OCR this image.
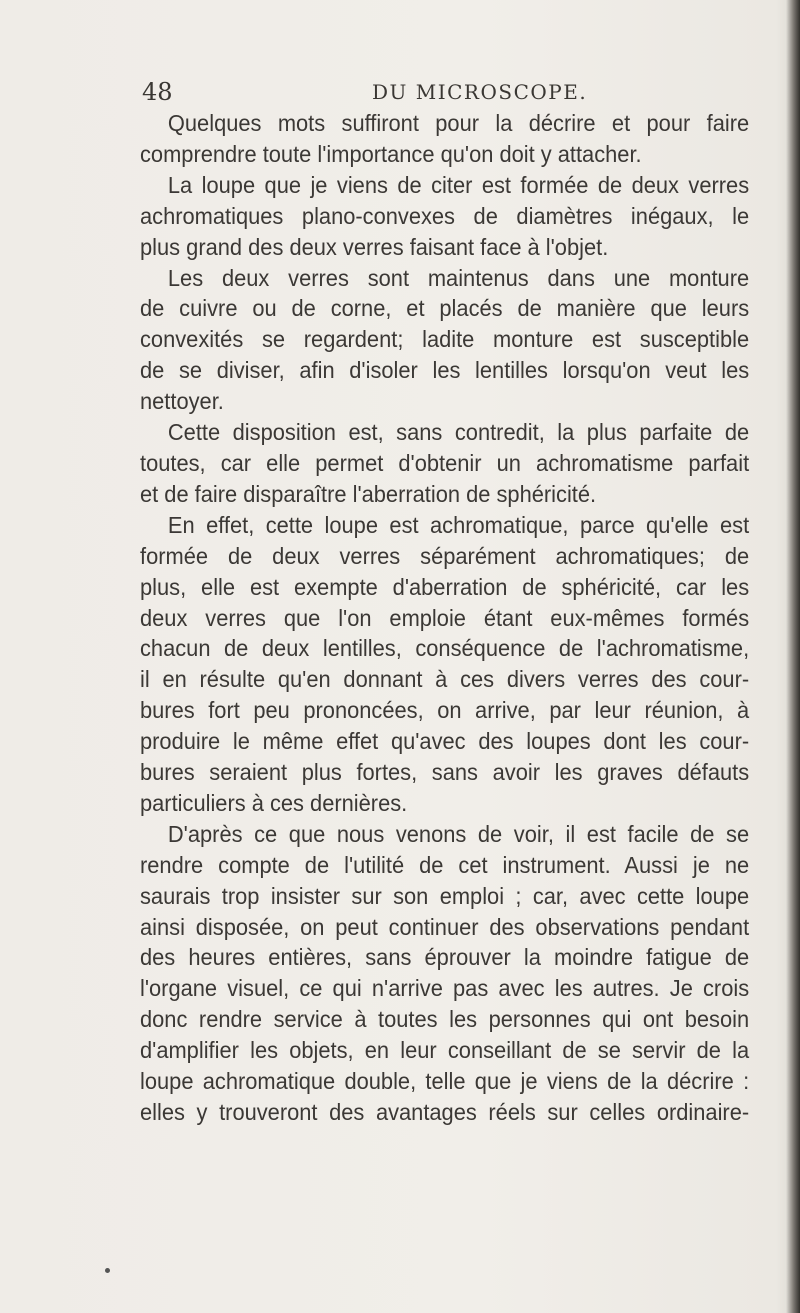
48	DU MICROSCOPE.

Quelques mots suffiront pour la décrire et pour faire
comprendre toute l'importance qu'on doit y attacher.

La loupe que je viens de citer est formée de deux verres
achromatiques plano-convexes de diamètres inégaux, le
plus grand des deux verres faisant face à l'objet.

Les deux verres sont maintenus dans une monture
de cuivre ou de corne, et placés de manière que leurs
convexités se regardent; ladite monture est susceptible
de se diviser, afin d'isoler les lentilles lorsqu'on veut les
nettoyer.

Cette disposition est, sans contredit, la plus parfaite de
toutes, car elle permet d'obtenir un achromatisme parfait
et de faire disparaître l'aberration de sphéricité.

En effet, cette loupe est achromatique, parce qu'elle est
formée de deux verres séparément achromatiques; de
plus, elle est exempte d'aberration de sphéricité, car les
deux verres que l'on emploie étant eux-mêmes formés
chacun de deux lentilles, conséquence de l'achromatisme,
il en résulte qu'en donnant à ces divers verres des cour-
bures fort peu prononcées, on arrive, par leur réunion, à
produire le même effet qu'avec des loupes dont les cour-
bures seraient plus fortes, sans avoir les graves défauts
particuliers à ces dernières.

D'après ce que nous venons de voir, il est facile de se
rendre compte de l'utilité de cet instrument. Aussi je ne
saurais trop insister sur son emploi ; car, avec cette loupe
ainsi disposée, on peut continuer des observations pendant
des heures entières, sans éprouver la moindre fatigue de
l'organe visuel, ce qui n'arrive pas avec les autres. Je crois
donc rendre service à toutes les personnes qui ont besoin
d'amplifier les objets, en leur conseillant de se servir de la
loupe achromatique double, telle que je viens de la décrire :
elles y trouveront des avantages réels sur celles ordinaire-
